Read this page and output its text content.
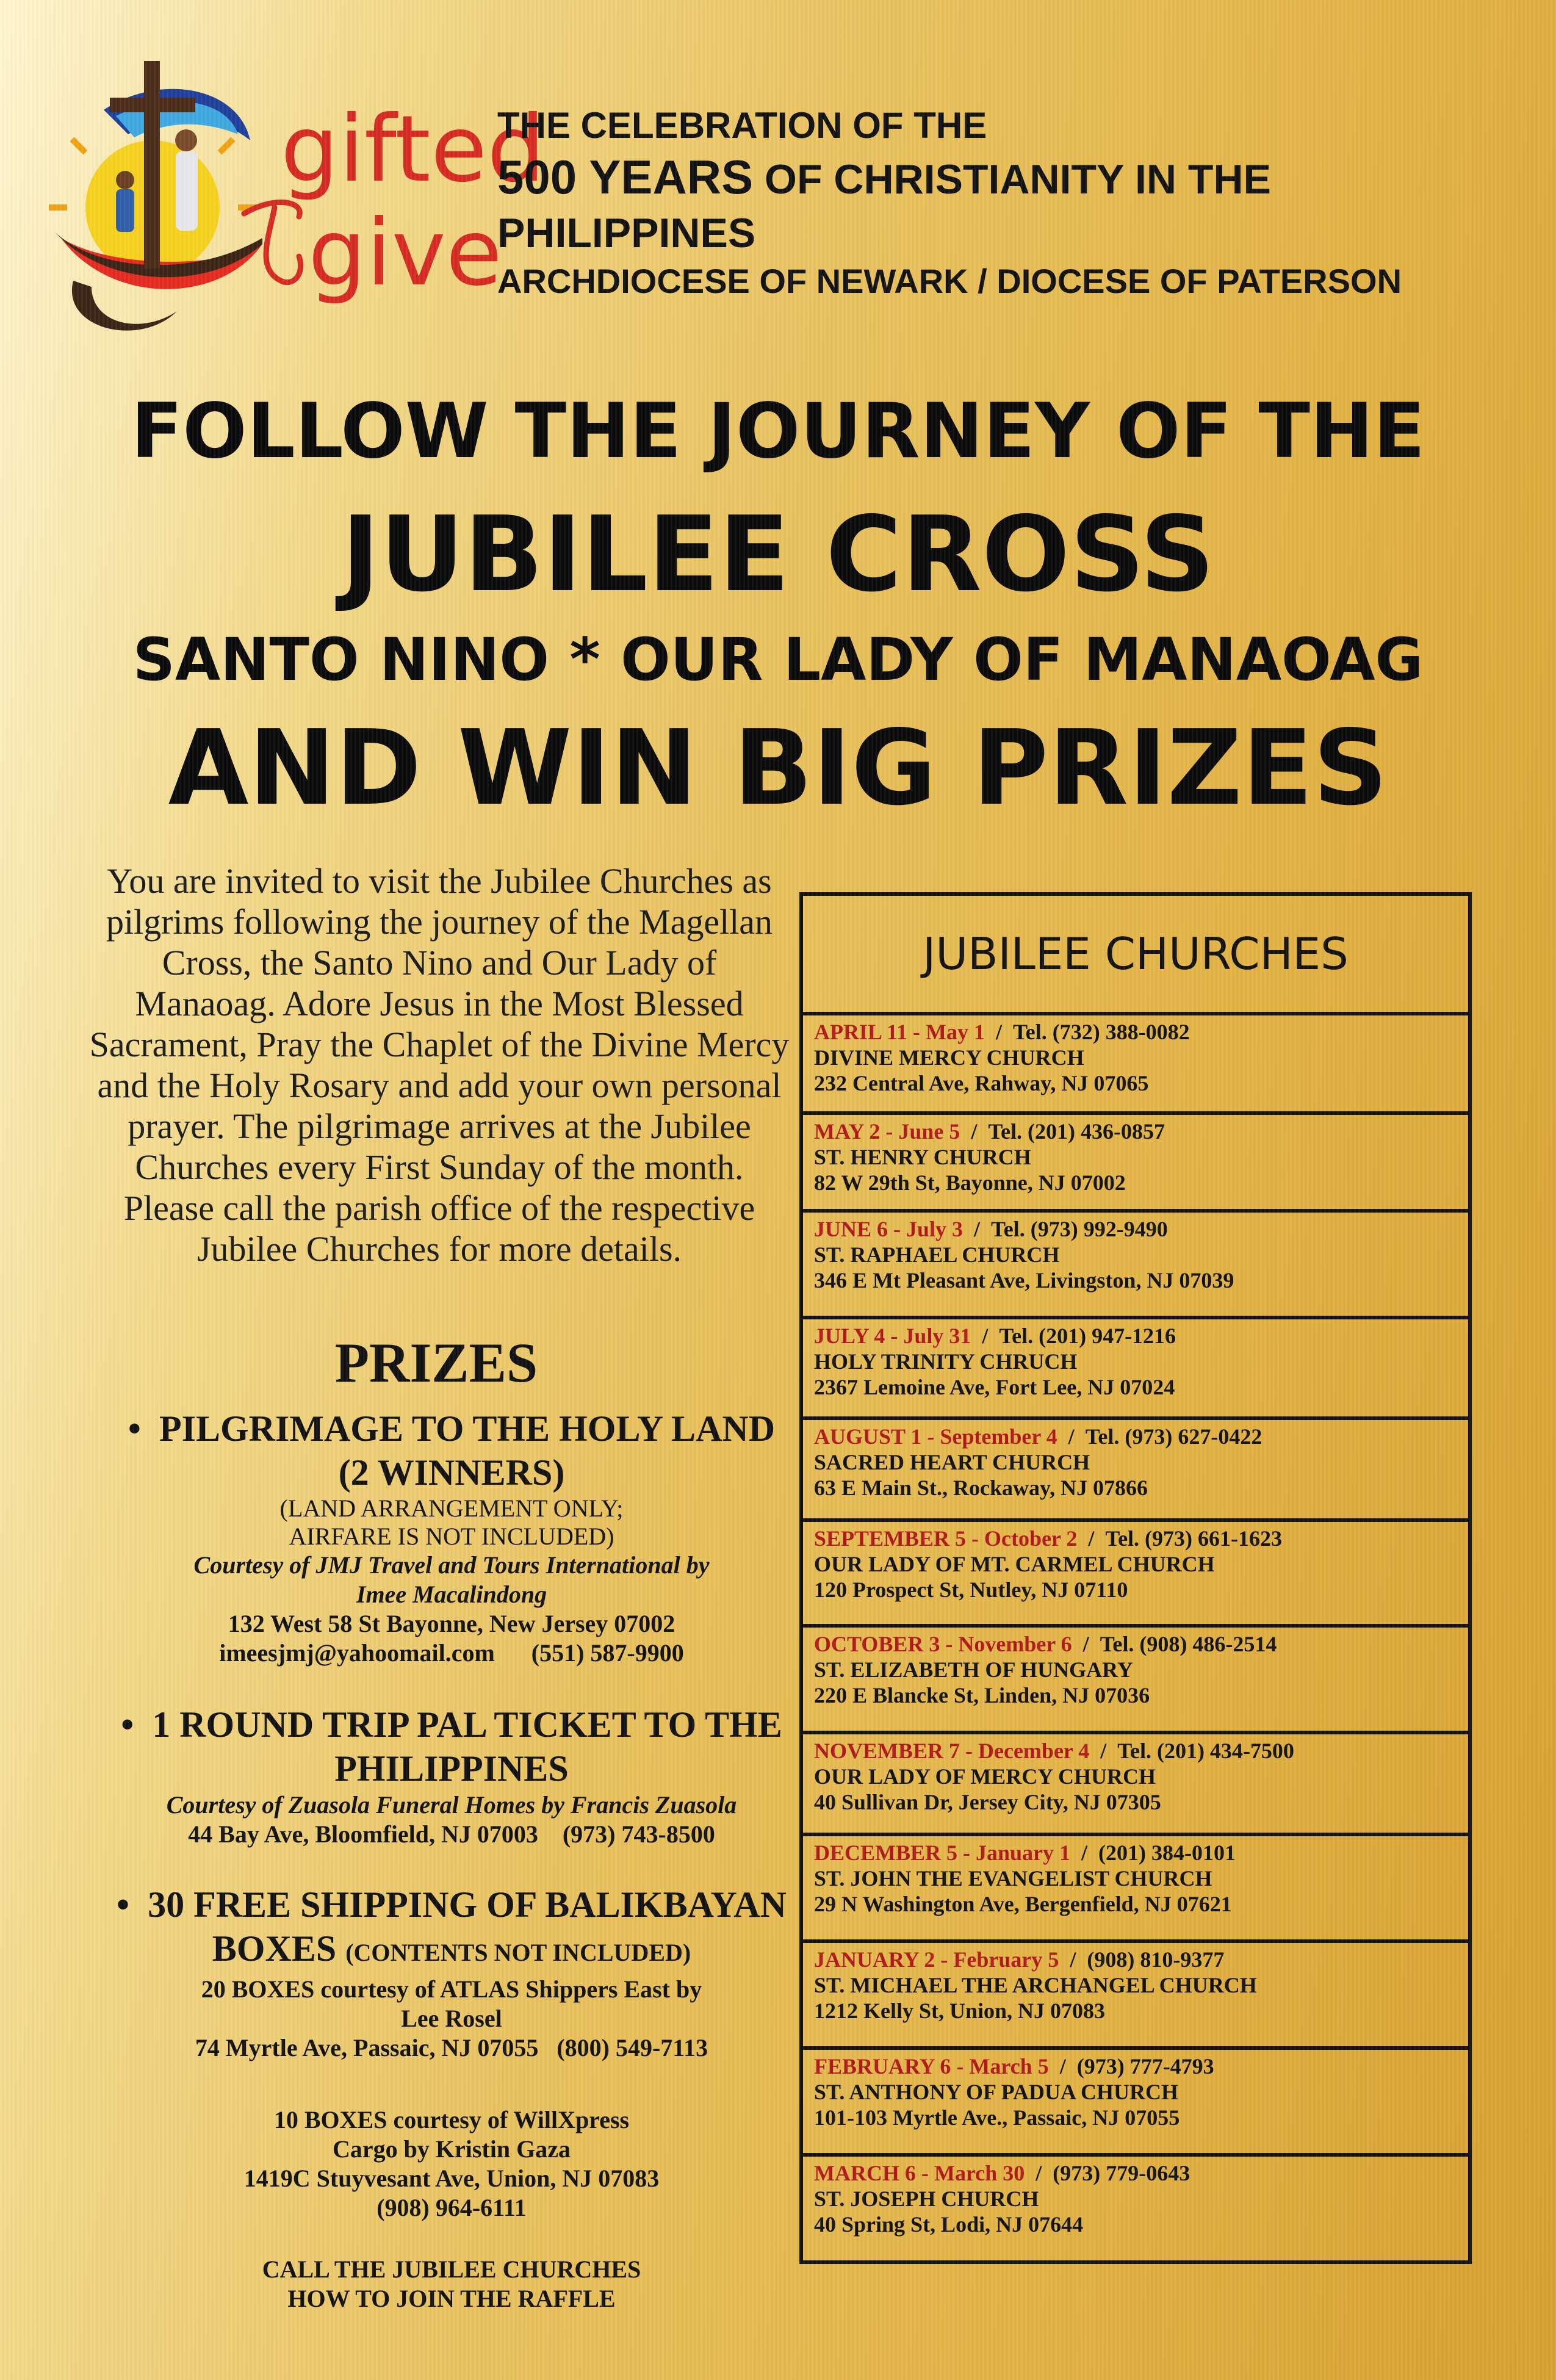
gifted
give
THE CELEBRATION OF THE
500 YEARS OF CHRISTIANITY IN THE PHILIPPINES
ARCHDIOCESE OF NEWARK / DIOCESE OF PATERSON
FOLLOW THE JOURNEY OF THE
JUBILEE CROSS
SANTO NINO * OUR LADY OF MANAOAG
AND WIN BIG PRIZES
You are invited to visit the Jubilee Churches as pilgrims following the journey of the Magellan Cross, the Santo Nino and Our Lady of Manaoag. Adore Jesus in the Most Blessed Sacrament, Pray the Chaplet of the Divine Mercy and the Holy Rosary and add your own personal prayer. The pilgrimage arrives at the Jubilee Churches every First Sunday of the month. Please call the parish office of the respective Jubilee Churches for more details.
PRIZES
• PILGRIMAGE TO THE HOLY LAND (2 WINNERS)
(LAND ARRANGEMENT ONLY; AIRFARE IS NOT INCLUDED)
Courtesy of JMJ Travel and Tours International by Imee Macalindong
132 West 58 St Bayonne, New Jersey 07002
imeesjmj@yahoomail.com      (551) 587-9900
• 1 ROUND TRIP PAL TICKET TO THE PHILIPPINES
Courtesy of Zuasola Funeral Homes by Francis Zuasola
44 Bay Ave, Bloomfield, NJ 07003    (973) 743-8500
• 30 FREE SHIPPING OF BALIKBAYAN BOXES (CONTENTS NOT INCLUDED)
20 BOXES courtesy of ATLAS Shippers East by Lee Rosel
74 Myrtle Ave, Passaic, NJ 07055   (800) 549-7113
10 BOXES courtesy of WillXpress Cargo by Kristin Gaza
1419C Stuyvesant Ave, Union, NJ 07083
(908) 964-6111
CALL THE JUBILEE CHURCHES
HOW TO JOIN THE RAFFLE
JUBILEE CHURCHES
APRIL 11 - May 1 / Tel. (732) 388-0082
DIVINE MERCY CHURCH
232 Central Ave, Rahway, NJ 07065
MAY 2 - June 5 / Tel. (201) 436-0857
ST. HENRY CHURCH
82 W 29th St, Bayonne, NJ 07002
JUNE 6 - July 3 / Tel. (973) 992-9490
ST. RAPHAEL CHURCH
346 E Mt Pleasant Ave, Livingston, NJ 07039
JULY 4 - July 31 / Tel. (201) 947-1216
HOLY TRINITY CHRUCH
2367 Lemoine Ave, Fort Lee, NJ 07024
AUGUST 1 - September 4 / Tel. (973) 627-0422
SACRED HEART CHURCH
63 E Main St., Rockaway, NJ 07866
SEPTEMBER 5 - October 2 / Tel. (973) 661-1623
OUR LADY OF MT. CARMEL CHURCH
120 Prospect St, Nutley, NJ 07110
OCTOBER 3 - November 6 / Tel. (908) 486-2514
ST. ELIZABETH OF HUNGARY
220 E Blancke St, Linden, NJ 07036
NOVEMBER 7 - December 4 / Tel. (201) 434-7500
OUR LADY OF MERCY CHURCH
40 Sullivan Dr, Jersey City, NJ 07305
DECEMBER 5 - January 1 / (201) 384-0101
ST. JOHN THE EVANGELIST CHURCH
29 N Washington Ave, Bergenfield, NJ 07621
JANUARY 2 - February 5 / (908) 810-9377
ST. MICHAEL THE ARCHANGEL CHURCH
1212 Kelly St, Union, NJ 07083
FEBRUARY 6 - March 5 / (973) 777-4793
ST. ANTHONY OF PADUA CHURCH
101-103 Myrtle Ave., Passaic, NJ 07055
MARCH 6 - March 30 / (973) 779-0643
ST. JOSEPH CHURCH
40 Spring St, Lodi, NJ 07644
